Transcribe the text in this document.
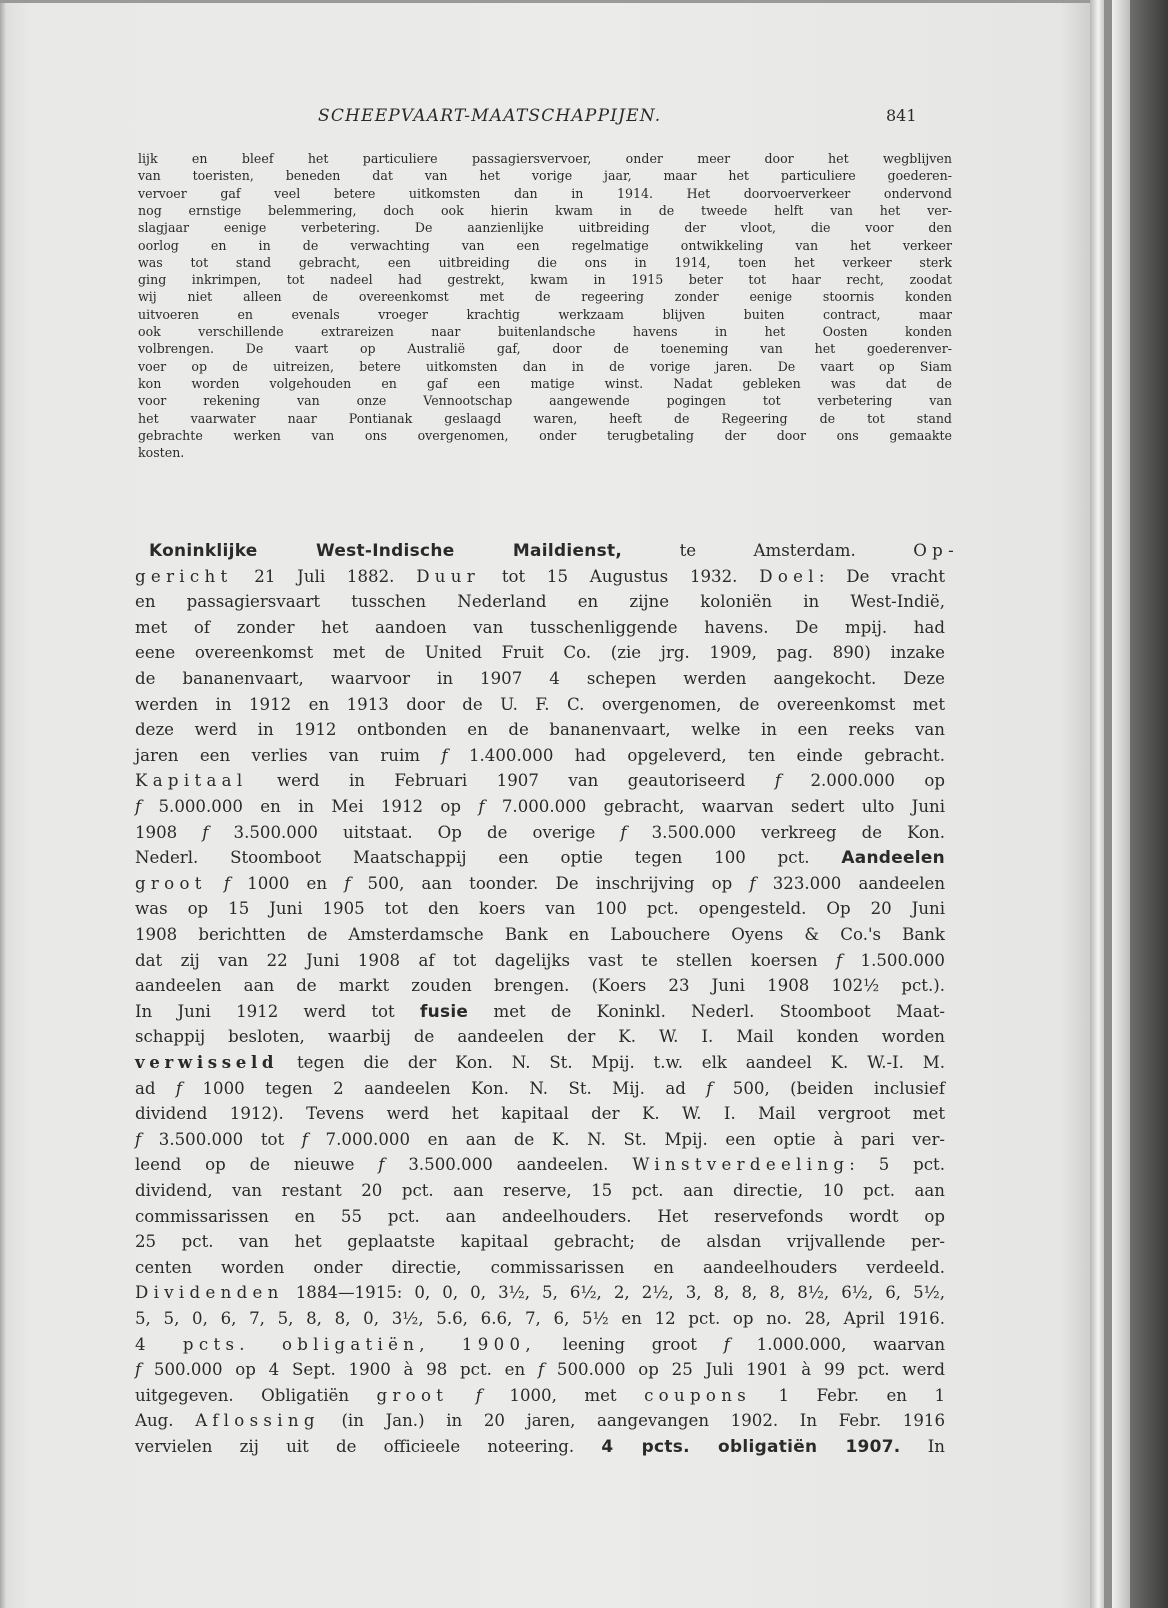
SCHEEPVAART-MAATSCHAPPIJEN.	841
lijk en bleef het particuliere passagiersvervoer, onder meer door het wegblijven
van toeristen, beneden dat van het vorige jaar, maar het particuliere goederen-
vervoer gaf veel betere uitkomsten dan in 1914. Het doorvoerverkeer ondervond
nog ernstige belemmering, doch ook hierin kwam in de tweede helft van het ver-
slagjaar eenige verbetering. De aanzienlijke uitbreiding der vloot, die voor den
oorlog en in de verwachting van een regelmatige ontwikkeling van het verkeer
was tot stand gebracht, een uitbreiding die ons in 1914, toen het verkeer sterk
ging inkrimpen, tot nadeel had gestrekt, kwam in 1915 beter tot haar recht, zoodat
wij niet alleen de overeenkomst met de regeering zonder eenige stoornis konden
uitvoeren en evenals vroeger krachtig werkzaam blijven buiten contract, maar
ook verschillende extrareizen naar buitenlandsche havens in het Oosten konden
volbrengen. De vaart op Australië gaf, door de toeneming van het goederenver-
voer op de uitreizen, betere uitkomsten dan in de vorige jaren. De vaart op Siam
kon worden volgehouden en gaf een matige winst. Nadat gebleken was dat de
voor rekening van onze Vennootschap aangewende pogingen tot verbetering van
het vaarwater naar Pontianak geslaagd waren, heeft de Regeering de tot stand
gebrachte werken van ons overgenomen, onder terugbetaling der door ons gemaakte
kosten.
Koninklijke West-Indische Maildienst, te Amsterdam. Op-
gericht 21 Juli 1882. Duur tot 15 Augustus 1932. Doel: De vracht
en passagiersvaart tusschen Nederland en zijne koloniën in West-Indië,
met of zonder het aandoen van tusschenliggende havens. De mpij. had
eene overeenkomst met de United Fruit Co. (zie jrg. 1909, pag. 890) inzake
de bananenvaart, waarvoor in 1907 4 schepen werden aangekocht. Deze
werden in 1912 en 1913 door de U. F. C. overgenomen, de overeenkomst met
deze werd in 1912 ontbonden en de bananenvaart, welke in een reeks van
jaren een verlies van ruim f 1.400.000 had opgeleverd, ten einde gebracht.
Kapitaal werd in Februari 1907 van geautoriseerd f 2.000.000 op
f 5.000.000 en in Mei 1912 op f 7.000.000 gebracht, waarvan sedert ulto Juni
1908 f 3.500.000 uitstaat. Op de overige f 3.500.000 verkreeg de Kon.
Nederl. Stoomboot Maatschappij een optie tegen 100 pct. Aandeelen
groot f 1000 en f 500, aan toonder. De inschrijving op f 323.000 aandeelen
was op 15 Juni 1905 tot den koers van 100 pct. opengesteld. Op 20 Juni
1908 berichtten de Amsterdamsche Bank en Labouchere Oyens & Co.'s Bank
dat zij van 22 Juni 1908 af tot dagelijks vast te stellen koersen f 1.500.000
aandeelen aan de markt zouden brengen. (Koers 23 Juni 1908 102½ pct.).
In Juni 1912 werd tot fusie met de Koninkl. Nederl. Stoomboot Maat-
schappij besloten, waarbij de aandeelen der K. W. I. Mail konden worden
verwisseld tegen die der Kon. N. St. Mpij. t.w. elk aandeel K. W.-I. M.
ad f 1000 tegen 2 aandeelen Kon. N. St. Mij. ad f 500, (beiden inclusief
dividend 1912). Tevens werd het kapitaal der K. W. I. Mail vergroot met
f 3.500.000 tot f 7.000.000 en aan de K. N. St. Mpij. een optie à pari ver-
leend op de nieuwe f 3.500.000 aandeelen. Winstverdeeling: 5 pct.
dividend, van restant 20 pct. aan reserve, 15 pct. aan directie, 10 pct. aan
commissarissen en 55 pct. aan andeelhouders. Het reservefonds wordt op
25 pct. van het geplaatste kapitaal gebracht; de alsdan vrijvallende per-
centen worden onder directie, commissarissen en aandeelhouders verdeeld.
Dividenden 1884—1915: 0, 0, 0, 3½, 5, 6½, 2, 2½, 3, 8, 8, 8, 8½, 6½, 6, 5½,
5, 5, 0, 6, 7, 5, 8, 8, 0, 3½, 5.6, 6.6, 7, 6, 5½ en 12 pct. op no. 28, April 1916.
4 pcts. obligatiën, 1900, leening groot f 1.000.000, waarvan
f 500.000 op 4 Sept. 1900 à 98 pct. en f 500.000 op 25 Juli 1901 à 99 pct. werd
uitgegeven. Obligatiën groot f 1000, met coupons 1 Febr. en 1
Aug. Aflossing (in Jan.) in 20 jaren, aangevangen 1902. In Febr. 1916
vervielen zij uit de officieele noteering. 4 pcts. obligatiën 1907. In
